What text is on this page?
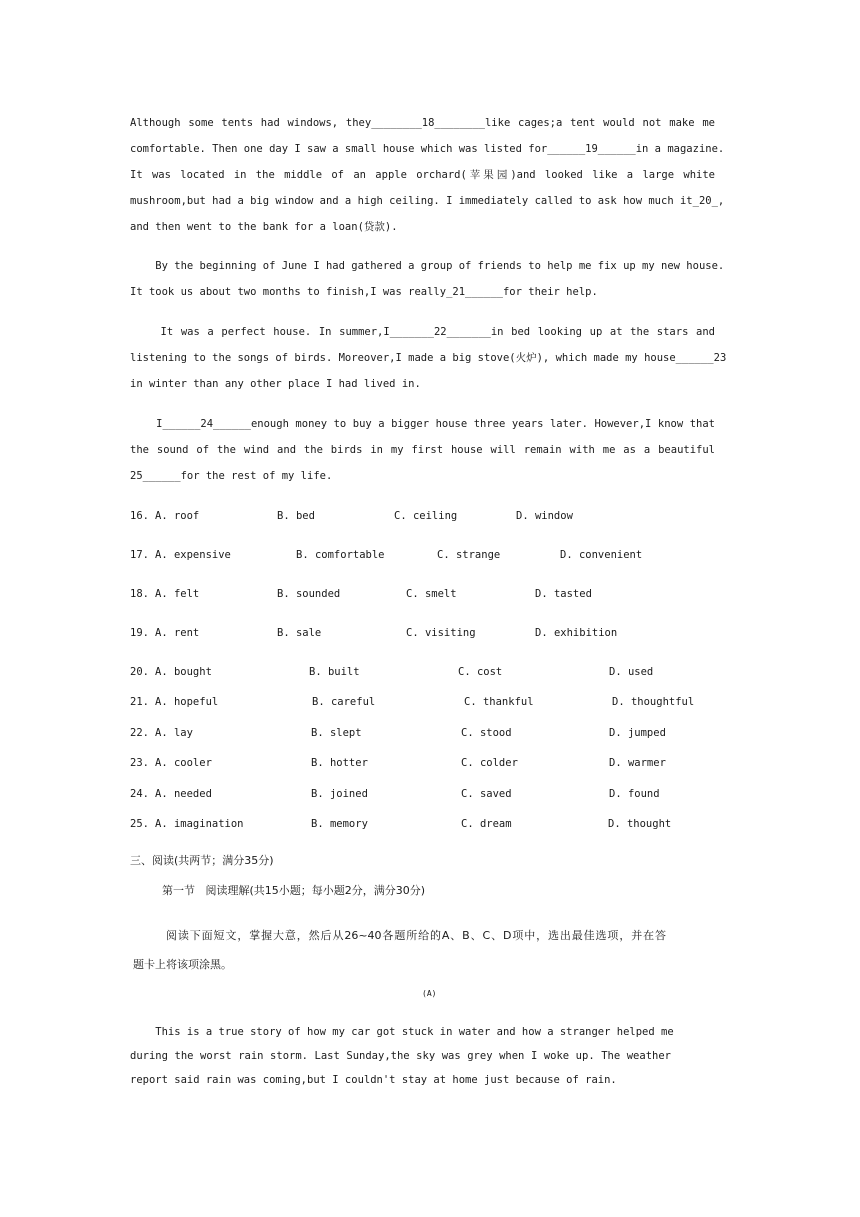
Although some tents had windows, they________18________like cages;a tent would not make me
comfortable. Then one day I saw a small house which was listed for______19______in a magazine.
It was located in the middle of an apple orchard(苹果园)and looked like a large white
mushroom,but had a big window and a high ceiling. I immediately called to ask how much it_20_,
and then went to the bank for a loan(贷款).
By the beginning of June I had gathered a group of friends to help me fix up my new house.
It took us about two months to finish,I was really_21______for their help.
It was a perfect house. In summer,I_______22_______in bed looking up at the stars and
listening to the songs of birds. Moreover,I made a big stove(火炉), which made my house______23
in winter than any other place I had lived in.
I______24______enough money to buy a bigger house three years later. However,I know that
the sound of the wind and the birds in my first house will remain with me as a beautiful
25______for the rest of my life.

16.

A. roof

	B. bed

	C. ceiling

	D. window

17.

A. expensive

	B. comfortable

	C. strange

	D. convenient

18.

A. felt

	B. sounded

	C. smelt

	D. tasted

19.

A. rent

	B. sale

	C. visiting

	D. exhibition

20.

A. bought

	B. built

	C. cost

	D. used

21.

A. hopeful

	B. careful

	C. thankful

	D. thoughtful

22.

A. lay

	B. slept

	C. stood

	D. jumped

23.

A. cooler

	B. hotter

	C. colder

	D. warmer

24.

A. needed

	B. joined

	C. saved

	D. found

25.

A. imagination

	B. memory

	C. dream

	D. thought

三、阅读(共两节；满分35分)
第一节   阅读理解(共15小题；每小题2分，满分30分)
阅读下面短文，掌握大意，然后从26~40各题所给的A、B、C、D项中，选出最佳选项，并在答
题卡上将该项涂黑。
(A)
This is a true story of how my car got stuck in water and how a stranger helped me
during the worst rain storm. Last Sunday,the sky was grey when I woke up. The weather
report said rain was coming,but I couldn't stay at home just because of rain.
